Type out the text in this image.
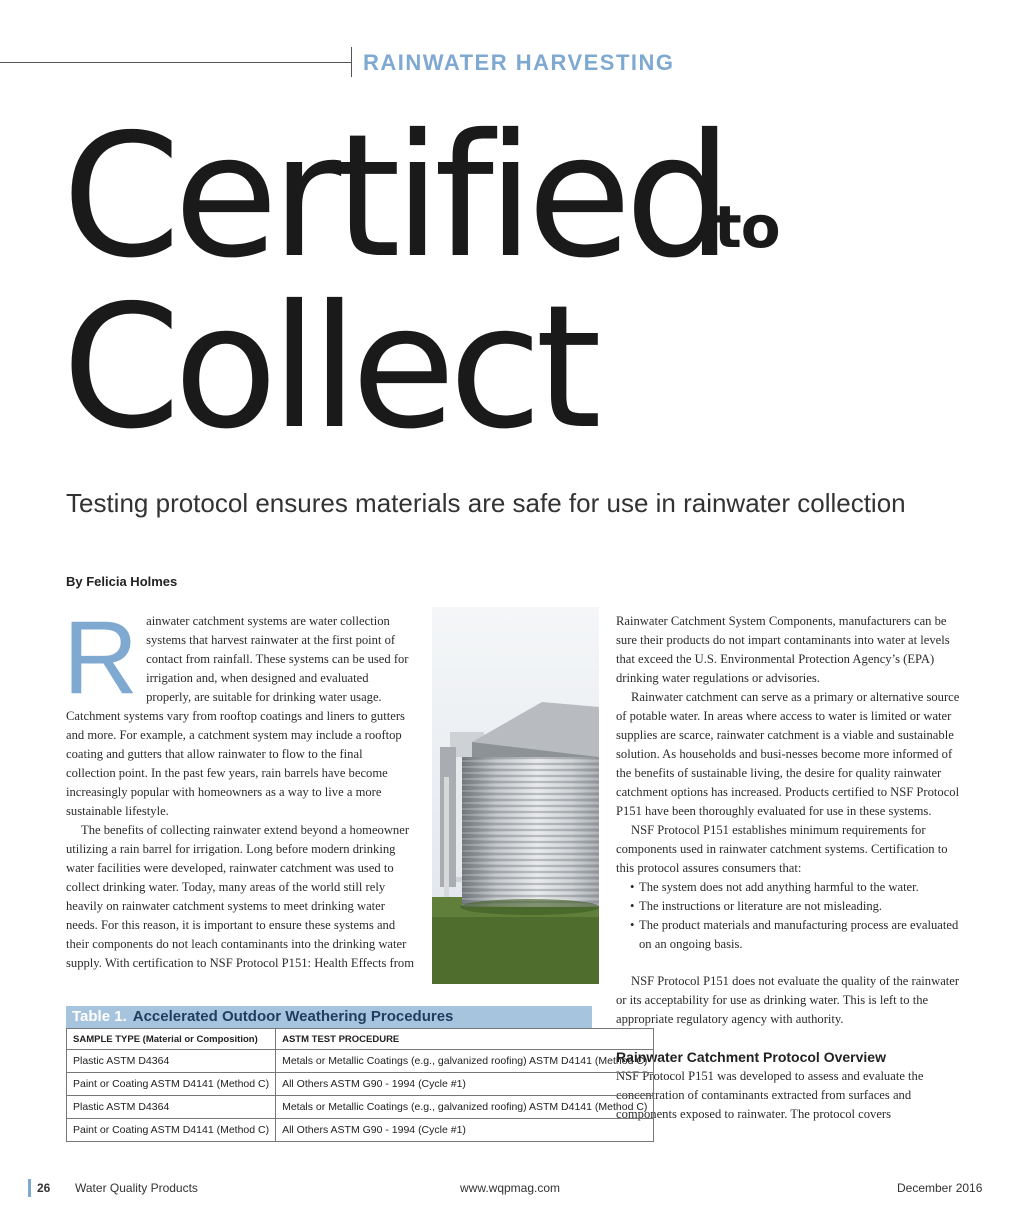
RAINWATER HARVESTING
Certified
to
Collect
Testing protocol ensures materials are safe for use in rainwater collection
By Felicia Holmes
R ainwater catchment systems are water collection systems that harvest rainwater at the first point of contact from rainfall. These systems can be used for irrigation and, when designed and evaluated properly, are suitable for drinking water usage. Catchment systems vary from rooftop coatings and liners to gutters and more. For example, a catchment system may include a rooftop coating and gutters that allow rainwater to flow to the final collection point. In the past few years, rain barrels have become increasingly popular with homeowners as a way to live a more sustainable lifestyle.

The benefits of collecting rainwater extend beyond a homeowner utilizing a rain barrel for irrigation. Long before modern drinking water facilities were developed, rainwater catchment was used to collect drinking water. Today, many areas of the world still rely heavily on rainwater catchment systems to meet drinking water needs. For this reason, it is important to ensure these systems and their components do not leach contaminants into the drinking water supply. With certification to NSF Protocol P151: Health Effects from

Rainwater Catchment System Components, manufacturers can be sure their products do not impart contaminants into water at levels that exceed the U.S. Environmental Protection Agency’s (EPA) drinking water regulations or advisories.

Rainwater catchment can serve as a primary or alternative source of potable water. In areas where access to water is limited or water supplies are scarce, rainwater catchment is a viable and sustainable solution. As households and busi-nesses become more informed of the benefits of sustainable living, the desire for quality rainwater catchment options has increased. Products certified to NSF Protocol P151 have been thoroughly evaluated for use in these systems.

NSF Protocol P151 establishes minimum requirements for components used in rainwater catchment systems. Certification to this protocol assures consumers that:

• The system does not add anything harmful to the water.
• The instructions or literature are not misleading.
• The product materials and manufacturing process are evaluated on an ongoing basis.

NSF Protocol P151 does not evaluate the quality of the rainwater or its acceptability for use as drinking water. This is left to the appropriate regulatory agency with authority.

Rainwater Catchment Protocol Overview

NSF Protocol P151 was developed to assess and evaluate the concentration of contaminants extracted from surfaces and components exposed to rainwater. The protocol covers

Table 1. Accelerated Outdoor Weathering Procedures
SAMPLE TYPE (Material or Composition)	ASTM TEST PROCEDURE
Plastic ASTM D4364	Metals or Metallic Coatings (e.g., galvanized roofing) ASTM D4141 (Method C)
Paint or Coating ASTM D4141 (Method C)	All Others ASTM G90 - 1994 (Cycle #1)
Plastic ASTM D4364	Metals or Metallic Coatings (e.g., galvanized roofing) ASTM D4141 (Method C)
Paint or Coating ASTM D4141 (Method C)	All Others ASTM G90 - 1994 (Cycle #1)
26 Water Quality Products	www.wqpmag.com	December 2016
